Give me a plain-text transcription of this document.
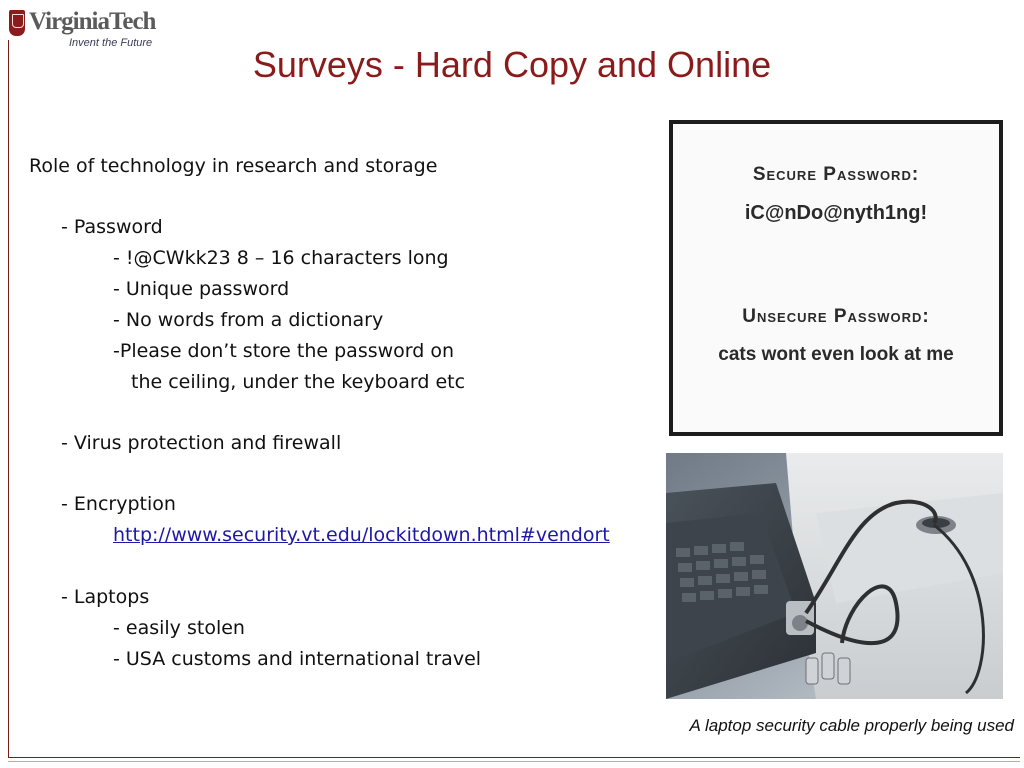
VirginiaTech
Invent the Future
Surveys - Hard Copy and Online
Role of technology in research and storage
- Password
- !@CWkk23 8 – 16 characters long
- Unique password
- No words from a dictionary
-Please don’t store the password on
the ceiling, under the keyboard etc
- Virus protection and firewall
- Encryption
http://www.security.vt.edu/lockitdown.html#vendort
- Laptops
- easily stolen
- USA customs and international travel
Secure Password:
iC@nDo@nyth1ng!
Unsecure Password:
cats wont even look at me
A laptop security cable properly being used
